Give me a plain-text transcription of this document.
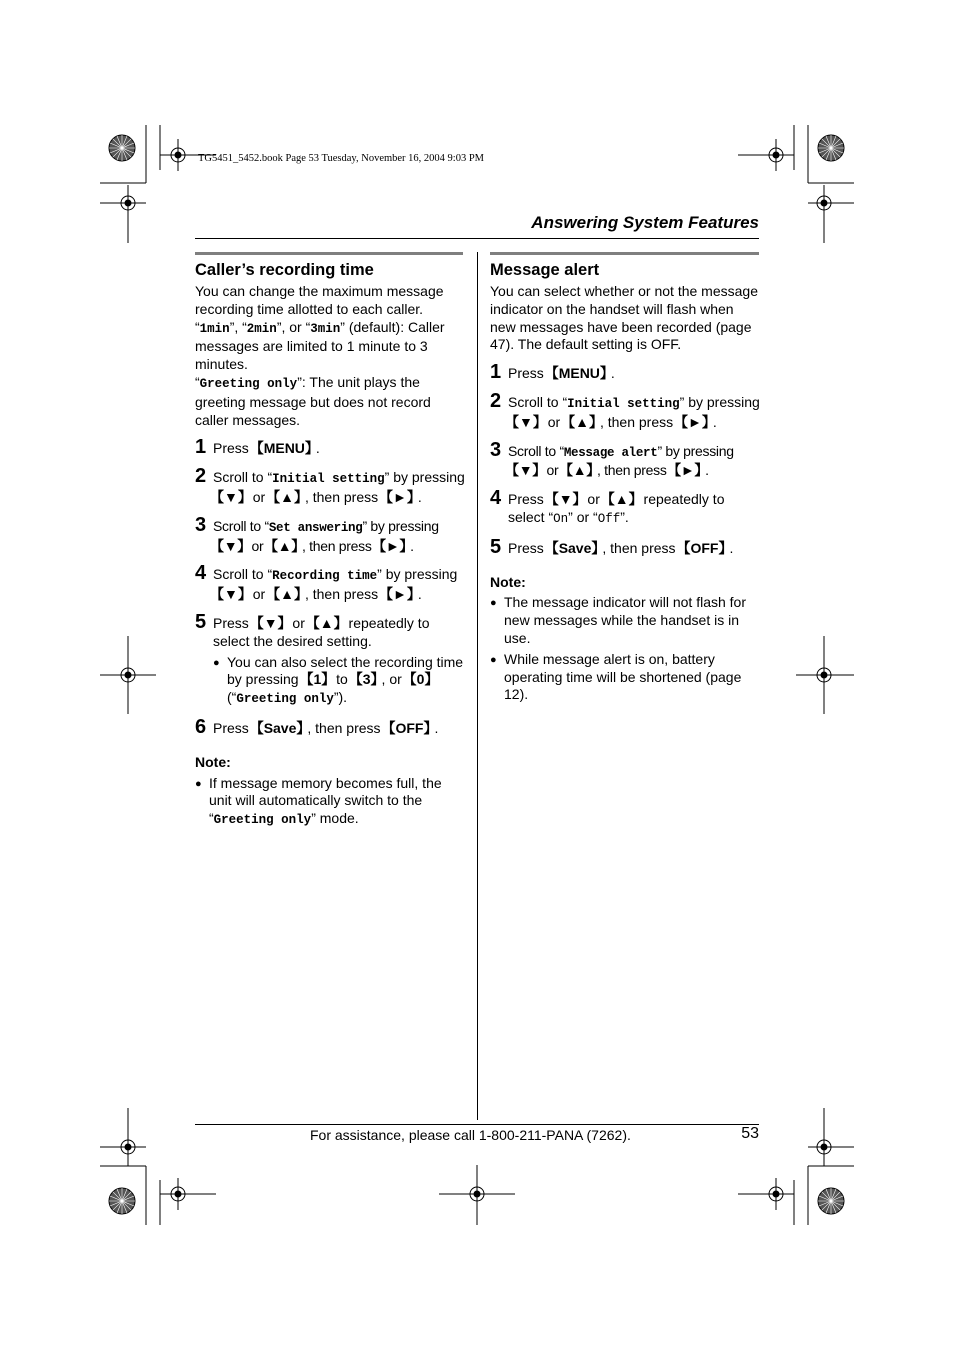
TG5451_5452.book Page 53 Tuesday, November 16, 2004 9:03 PM
Answering System Features
Caller’s recording time

You can change the maximum message recording time allotted to each caller.

“1min”, “2min”, or “3min” (default): Caller messages are limited to 1 minute to 3 minutes.

“Greeting only”: The unit plays the greeting message but does not record caller messages.

1 Press 【 MENU 】 .
2 Scroll to “Initial setting” by pressing 【 ▼ 】 or 【 ▲ 】 , then press 【 ► 】 .
3 Scroll to “Set answering” by pressing 【 ▼ 】 or 【 ▲ 】 , then press 【 ► 】 .
4 Scroll to “Recording time” by pressing 【 ▼ 】 or 【 ▲ 】 , then press 【 ► 】 .
5 Press 【 ▼ 】 or 【 ▲ 】 repeatedly to select the desired setting.
● You can also select the recording time by pressing 【 1 】 to 【 3 】 , or 【 0 】 (“Greeting only”).
6 Press 【 Save 】 , then press 【 OFF 】 .
Note:
● If message memory becomes full, the unit will automatically switch to the “Greeting only” mode.
Message alert

You can select whether or not the message indicator on the handset will flash when new messages have been recorded (page 47). The default setting is OFF.

1 Press 【 MENU 】 .
2 Scroll to “Initial setting” by pressing 【 ▼ 】 or 【 ▲ 】 , then press 【 ► 】 .
3 Scroll to “Message alert” by pressing 【 ▼ 】 or 【 ▲ 】 , then press 【 ► 】 .
4 Press 【 ▼ 】 or 【 ▲ 】 repeatedly to select “On” or “Off”.
5 Press 【 Save 】 , then press 【 OFF 】 .
Note:
● The message indicator will not flash for new messages while the handset is in use.
● While message alert is on, battery operating time will be shortened (page 12).
For assistance, please call 1-800-211-PANA (7262).	53
